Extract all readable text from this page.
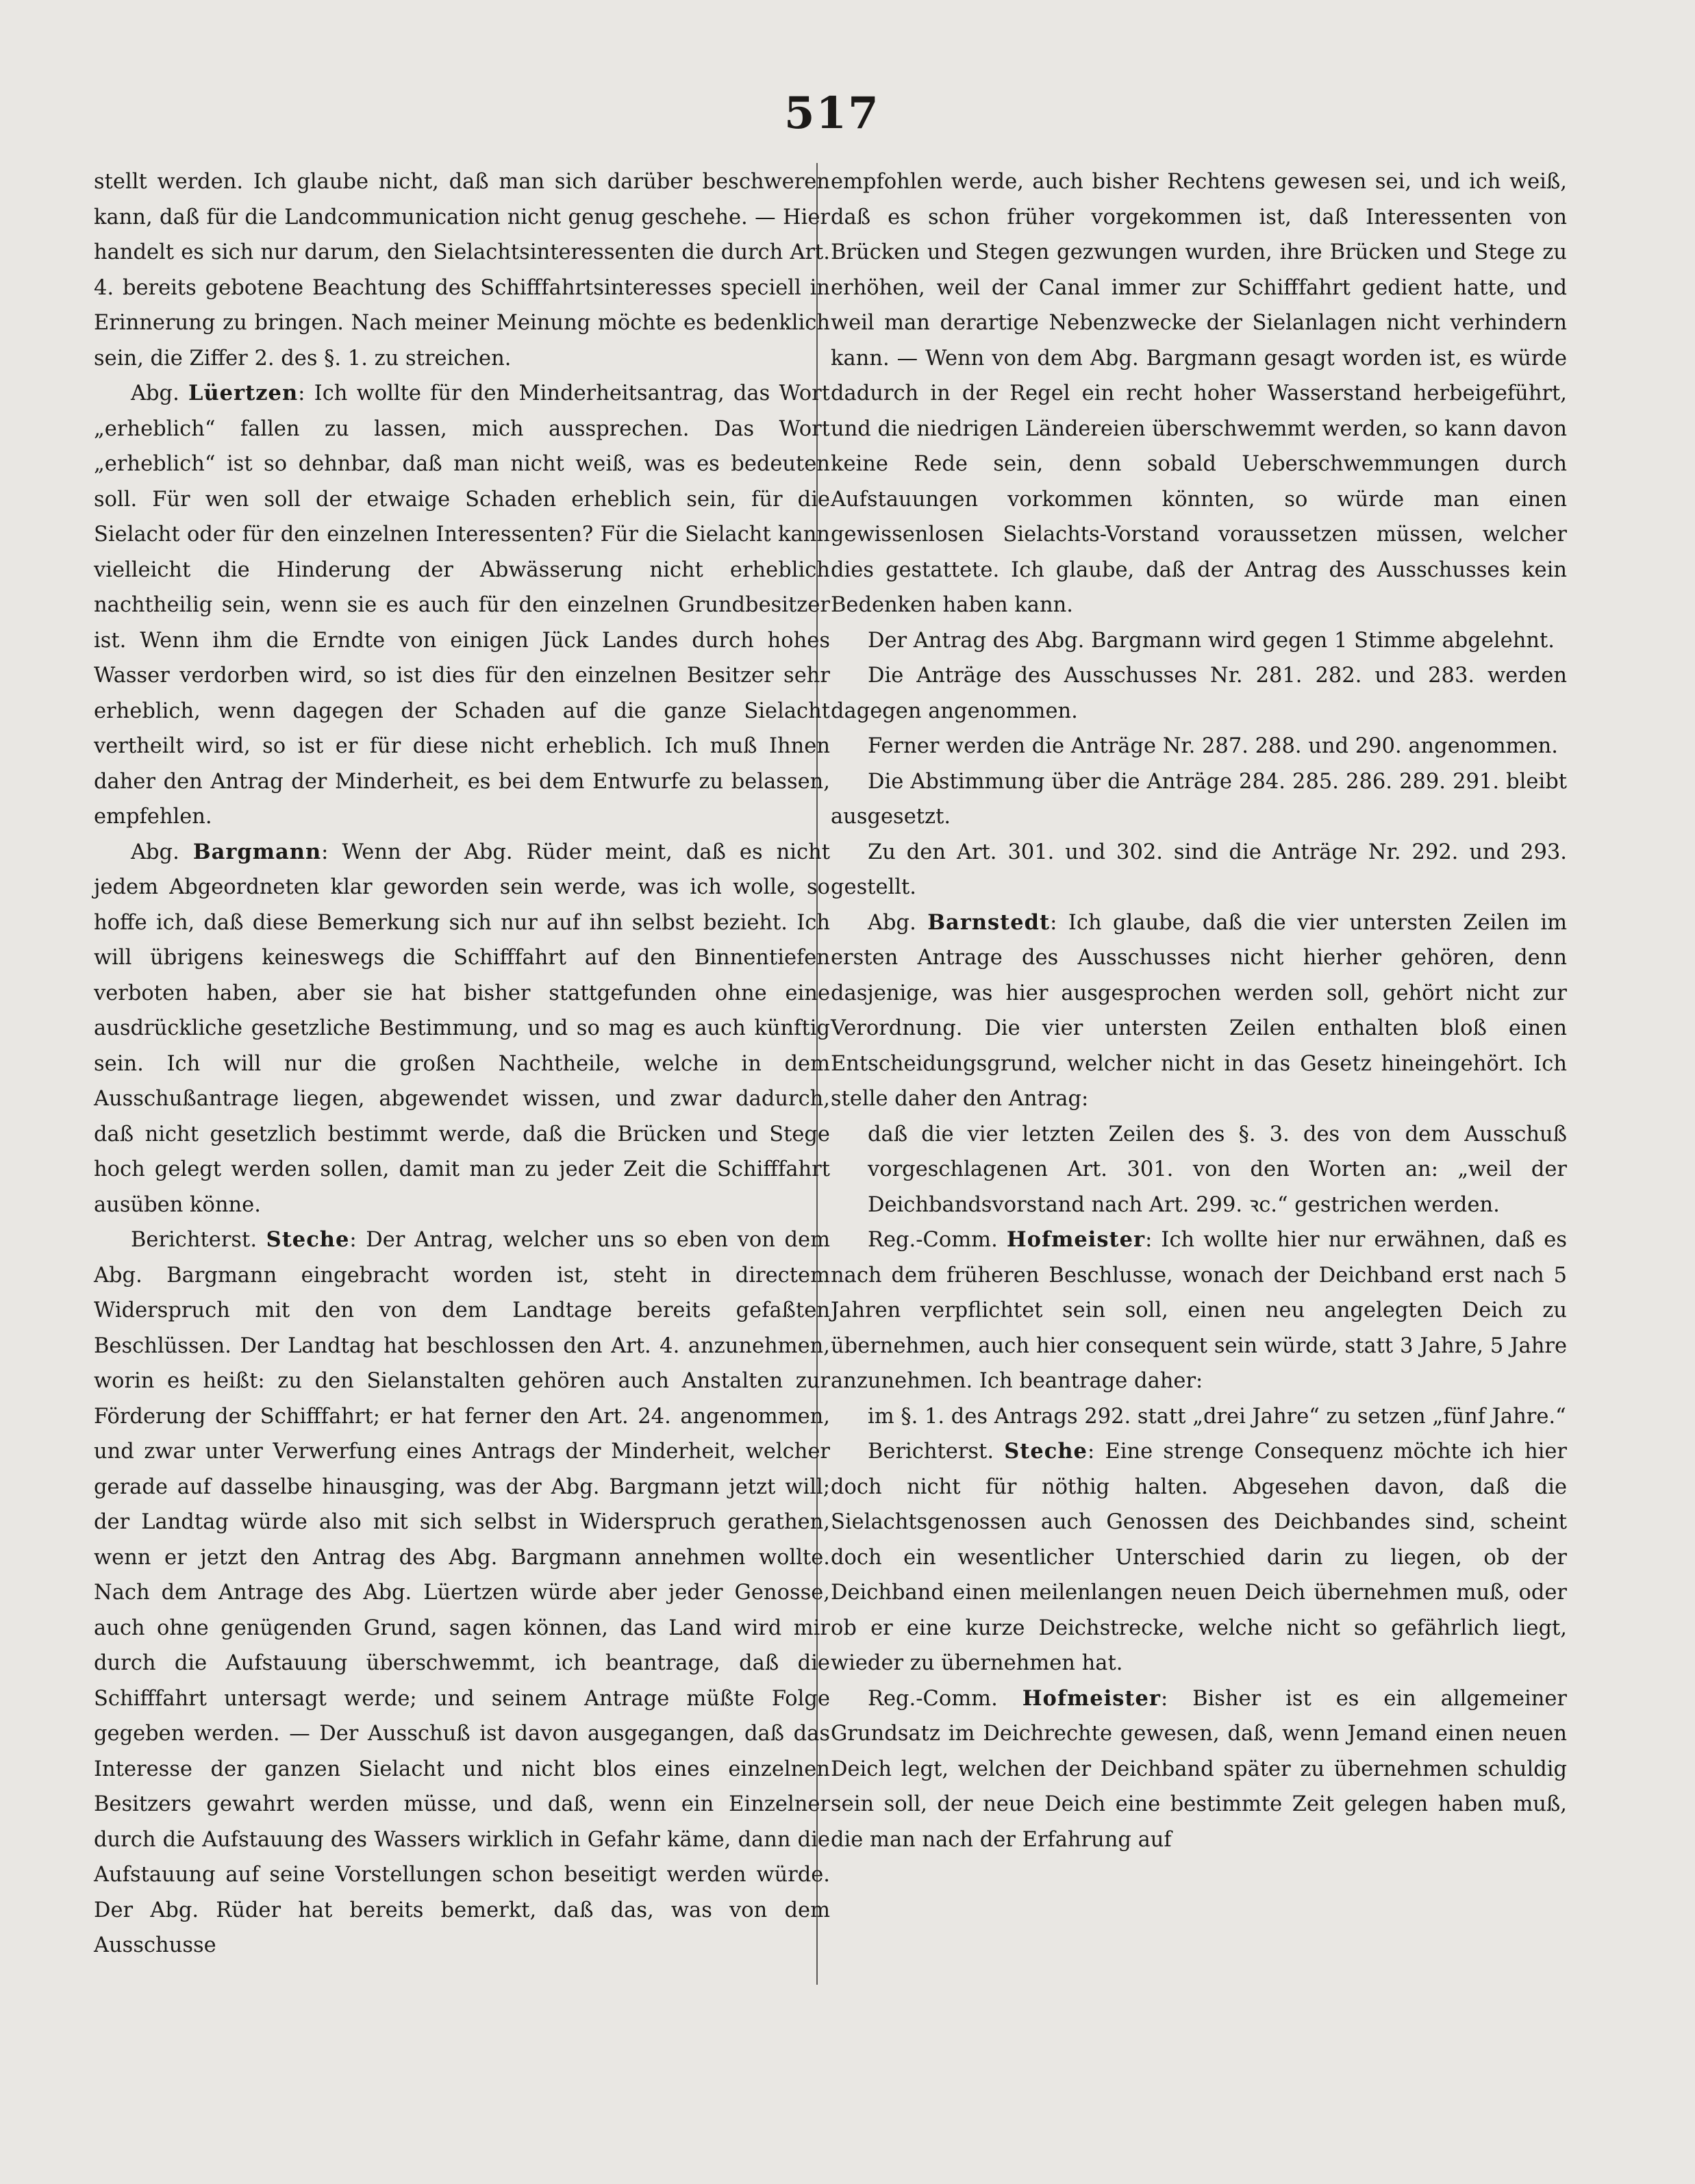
517

stellt werden. Ich glaube nicht, daß man sich darüber beschweren kann, daß für die Landcommunication nicht genug geschehe. — Hier handelt es sich nur darum, den Sielachtsinteressenten die durch Art. 4. bereits gebotene Beachtung des Schifffahrtsinteresses speciell in Erinnerung zu bringen. Nach meiner Meinung möchte es bedenklich sein, die Ziffer 2. des §. 1. zu streichen.

Abg. Lüertzen: Ich wollte für den Minderheitsantrag, das Wort „erheblich“ fallen zu lassen, mich aussprechen. Das Wort „erheblich“ ist so dehnbar, daß man nicht weiß, was es bedeuten soll. Für wen soll der etwaige Schaden erheblich sein, für die Sielacht oder für den einzelnen Interessenten? Für die Sielacht kann vielleicht die Hinderung der Abwässerung nicht erheblich nachtheilig sein, wenn sie es auch für den einzelnen Grundbesitzer ist. Wenn ihm die Erndte von einigen Jück Landes durch hohes Wasser verdorben wird, so ist dies für den einzelnen Besitzer sehr erheblich, wenn dagegen der Schaden auf die ganze Sielacht vertheilt wird, so ist er für diese nicht erheblich. Ich muß Ihnen daher den Antrag der Minderheit, es bei dem Entwurfe zu belassen, empfehlen.

Abg. Bargmann: Wenn der Abg. Rüder meint, daß es nicht jedem Abgeordneten klar geworden sein werde, was ich wolle, so hoffe ich, daß diese Bemerkung sich nur auf ihn selbst bezieht. Ich will übrigens keineswegs die Schifffahrt auf den Binnentiefen verboten haben, aber sie hat bisher stattgefunden ohne eine ausdrückliche gesetzliche Bestimmung, und so mag es auch künftig sein. Ich will nur die großen Nachtheile, welche in dem Ausschußantrage liegen, abgewendet wissen, und zwar dadurch, daß nicht gesetzlich bestimmt werde, daß die Brücken und Stege hoch gelegt werden sollen, damit man zu jeder Zeit die Schifffahrt ausüben könne.

Berichterst. Steche: Der Antrag, welcher uns so eben von dem Abg. Bargmann eingebracht worden ist, steht in directem Widerspruch mit den von dem Landtage bereits gefaßten Beschlüssen. Der Landtag hat beschlossen den Art. 4. anzunehmen, worin es heißt: zu den Sielanstalten gehören auch Anstalten zur Förderung der Schifffahrt; er hat ferner den Art. 24. angenommen, und zwar unter Verwerfung eines Antrags der Minderheit, welcher gerade auf dasselbe hinausging, was der Abg. Bargmann jetzt will; der Landtag würde also mit sich selbst in Widerspruch gerathen, wenn er jetzt den Antrag des Abg. Bargmann annehmen wollte. Nach dem Antrage des Abg. Lüertzen würde aber jeder Genosse, auch ohne genügenden Grund, sagen können, das Land wird mir durch die Aufstauung überschwemmt, ich beantrage, daß die Schifffahrt untersagt werde; und seinem Antrage müßte Folge gegeben werden. — Der Ausschuß ist davon ausgegangen, daß das Interesse der ganzen Sielacht und nicht blos eines einzelnen Besitzers gewahrt werden müsse, und daß, wenn ein Einzelner durch die Aufstauung des Wassers wirklich in Gefahr käme, dann die Aufstauung auf seine Vorstellungen schon beseitigt werden würde. Der Abg. Rüder hat bereits bemerkt, daß das, was von dem Ausschusse

empfohlen werde, auch bisher Rechtens gewesen sei, und ich weiß, daß es schon früher vorgekommen ist, daß Interessenten von Brücken und Stegen gezwungen wurden, ihre Brücken und Stege zu erhöhen, weil der Canal immer zur Schifffahrt gedient hatte, und weil man derartige Nebenzwecke der Sielanlagen nicht verhindern kann. — Wenn von dem Abg. Bargmann gesagt worden ist, es würde dadurch in der Regel ein recht hoher Wasserstand herbeigeführt, und die niedrigen Ländereien überschwemmt werden, so kann davon keine Rede sein, denn sobald Ueberschwemmungen durch Aufstauungen vorkommen könnten, so würde man einen gewissenlosen Sielachts-Vorstand voraussetzen müssen, welcher dies gestattete. Ich glaube, daß der Antrag des Ausschusses kein Bedenken haben kann.

Der Antrag des Abg. Bargmann wird gegen 1 Stimme abgelehnt.

Die Anträge des Ausschusses Nr. 281. 282. und 283. werden dagegen angenommen.

Ferner werden die Anträge Nr. 287. 288. und 290. angenommen.

Die Abstimmung über die Anträge 284. 285. 286. 289. 291. bleibt ausgesetzt.

Zu den Art. 301. und 302. sind die Anträge Nr. 292. und 293. gestellt.

Abg. Barnstedt: Ich glaube, daß die vier untersten Zeilen im ersten Antrage des Ausschusses nicht hierher gehören, denn dasjenige, was hier ausgesprochen werden soll, gehört nicht zur Verordnung. Die vier untersten Zeilen enthalten bloß einen Entscheidungsgrund, welcher nicht in das Gesetz hineingehört. Ich stelle daher den Antrag:

daß die vier letzten Zeilen des §. 3. des von dem Ausschuß vorgeschlagenen Art. 301. von den Worten an: „weil der Deichbandsvorstand nach Art. 299. ꝛc.“ gestrichen werden.

Reg.-Comm. Hofmeister: Ich wollte hier nur erwähnen, daß es nach dem früheren Beschlusse, wonach der Deichband erst nach 5 Jahren verpflichtet sein soll, einen neu angelegten Deich zu übernehmen, auch hier consequent sein würde, statt 3 Jahre, 5 Jahre anzunehmen. Ich beantrage daher:

im §. 1. des Antrags 292. statt „drei Jahre“ zu setzen „fünf Jahre.“

Berichterst. Steche: Eine strenge Consequenz möchte ich hier doch nicht für nöthig halten. Abgesehen davon, daß die Sielachtsgenossen auch Genossen des Deichbandes sind, scheint doch ein wesentlicher Unterschied darin zu liegen, ob der Deichband einen meilenlangen neuen Deich übernehmen muß, oder ob er eine kurze Deichstrecke, welche nicht so gefährlich liegt, wieder zu übernehmen hat.

Reg.-Comm. Hofmeister: Bisher ist es ein allgemeiner Grundsatz im Deichrechte gewesen, daß, wenn Jemand einen neuen Deich legt, welchen der Deichband später zu übernehmen schuldig sein soll, der neue Deich eine bestimmte Zeit gelegen haben muß, die man nach der Erfahrung auf
